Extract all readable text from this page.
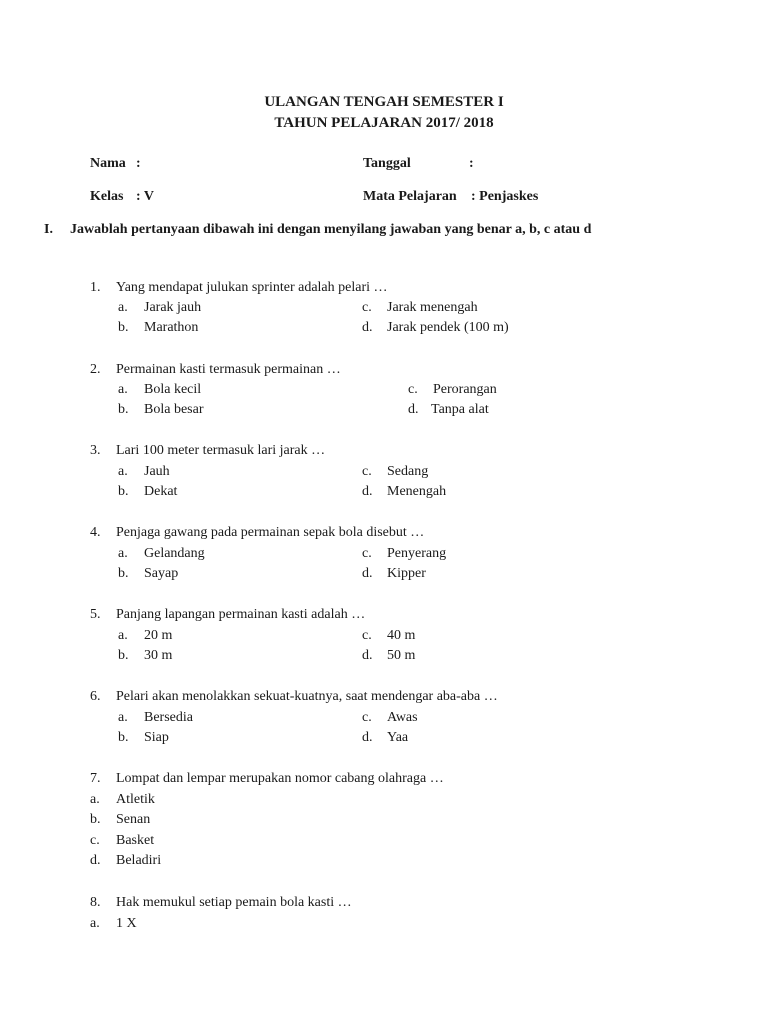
ULANGAN TENGAH SEMESTER I
TAHUN PELAJARAN 2017/ 2018
Nama :	Tanggal	:
Kelas : V	Mata Pelajaran : Penjaskes
I. Jawablah pertanyaan dibawah ini dengan menyilang jawaban yang benar a, b, c atau d
1. Yang mendapat julukan sprinter adalah pelari …
a. Jarak jauh
b. Marathon
c. Jarak menengah
d. Jarak pendek (100 m)
2. Permainan kasti termasuk permainan …
a. Bola kecil
b. Bola besar
c. Perorangan
d. Tanpa alat
3. Lari 100 meter termasuk lari jarak …
a. Jauh
b. Dekat
c. Sedang
d. Menengah
4. Penjaga gawang pada permainan sepak bola disebut …
a. Gelandang
b. Sayap
c. Penyerang
d. Kipper
5. Panjang lapangan permainan kasti adalah …
a. 20 m
b. 30 m
c. 40 m
d. 50 m
6. Pelari akan menolakkan sekuat-kuatnya, saat mendengar aba-aba …
a. Bersedia
b. Siap
c. Awas
d. Yaa
7. Lompat dan lempar merupakan nomor cabang olahraga …
a. Atletik
b. Senan
c. Basket
d. Beladiri
8. Hak memukul setiap pemain bola kasti …
a. 1 X
